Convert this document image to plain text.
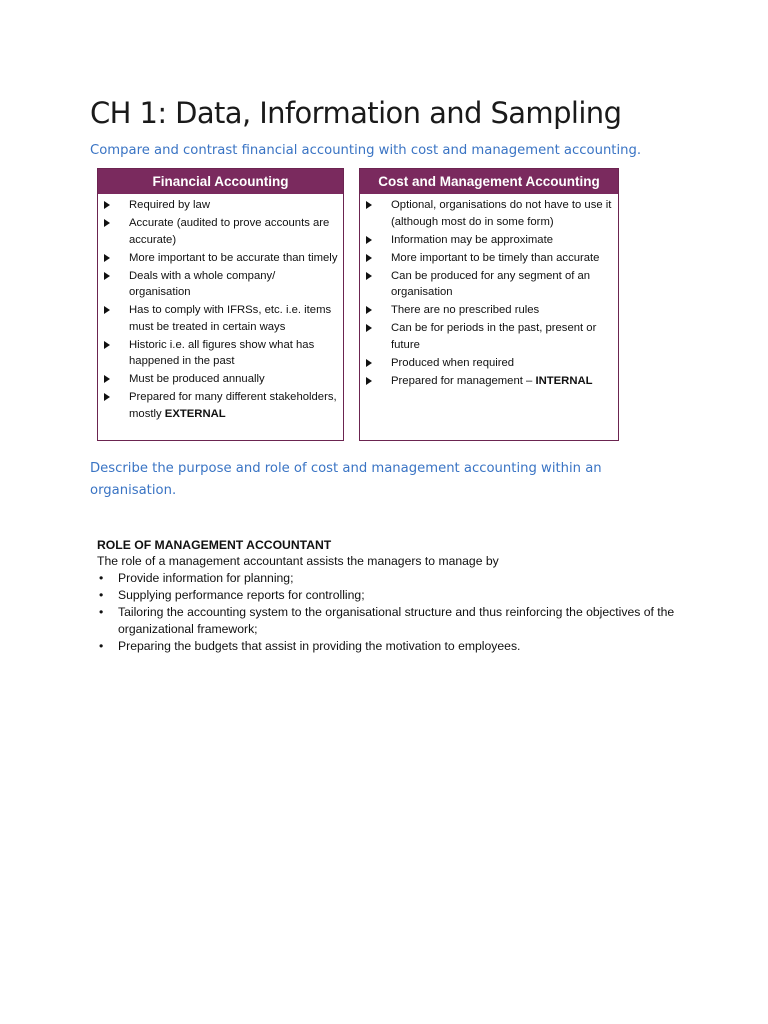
CH 1: Data, Information and Sampling

Compare and contrast financial accounting with cost and management accounting.

Financial Accounting
Required by law
Accurate (audited to prove accounts are accurate)
More important to be accurate than timely
Deals with a whole company/ organisation
Has to comply with IFRSs, etc. i.e. items must be treated in certain ways
Historic i.e. all figures show what has happened in the past
Must be produced annually
Prepared for many different stakeholders, mostly EXTERNAL
Cost and Management Accounting
Optional, organisations do not have to use it (although most do in some form)
Information may be approximate
More important to be timely than accurate
Can be produced for any segment of an organisation
There are no prescribed rules
Can be for periods in the past, present or future
Produced when required
Prepared for management – INTERNAL

Describe the purpose and role of cost and management accounting within an organisation.

ROLE OF MANAGEMENT ACCOUNTANT
The role of a management accountant assists the managers to manage by
• Provide information for planning;
• Supplying performance reports for controlling;
• Tailoring the accounting system to the organisational structure and thus reinforcing the objectives of the organizational framework;
• Preparing the budgets that assist in providing the motivation to employees.
